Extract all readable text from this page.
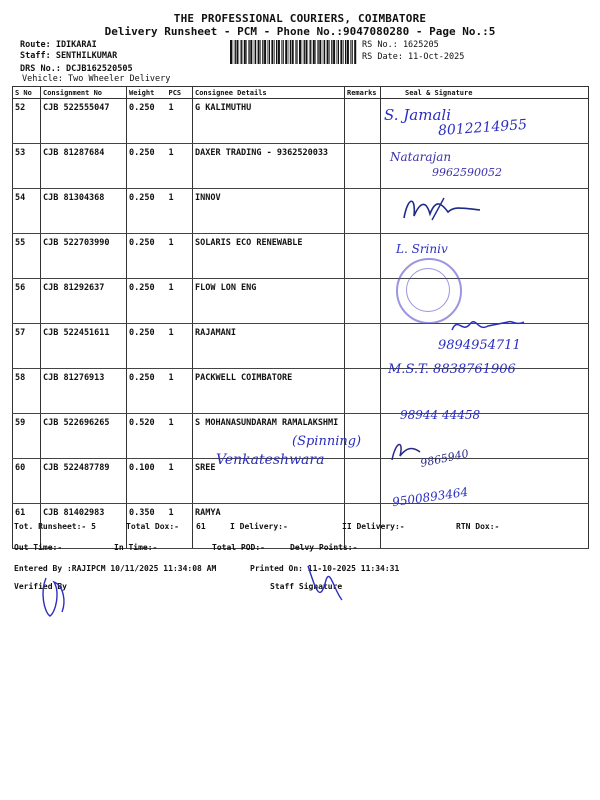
THE PROFESSIONAL COURIERS, COIMBATORE
Delivery Runsheet - PCM - Phone No.:9047080280 - Page No.:5
Route: IDIKARAI
Staff: SENTHILKUMAR
DRS No.: DCJB162520505
Vehicle: Two Wheeler Delivery
RS No.: 1625205
RS Date: 11-Oct-2025
S No	Consignment No	Weight	PCS	Consignee Details	Remarks	Seal & Signature
52	CJB 522555047	0.250	1	G KALIMUTHU		
53	CJB 81287684	0.250	1	DAXER TRADING - 9362520033		
54	CJB 81304368	0.250	1	INNOV		
55	CJB 522703990	0.250	1	SOLARIS ECO RENEWABLE		
56	CJB 81292637	0.250	1	FLOW LON ENG		
57	CJB 522451611	0.250	1	RAJAMANI		
58	CJB 81276913	0.250	1	PACKWELL COIMBATORE		
59	CJB 522696265	0.520	1	S MOHANASUNDARAM RAMALAKSHMI		
60	CJB 522487789	0.100	1	SREE		
61	CJB 81402983	0.350	1	RAMYA		
S. Jamali
8012214955
Natarajan
9962590052
L. Sriniv
9894954711
M.S.T. 8838761906
98944 44458
(Spinning)
Venkateshwara	9865940
9500893464
Tot. Runsheet:- 5	Total Dox:- 61	I Delivery:-	II Delivery:-	RTN Dox:-
Out Time:-	In Time:-	Total POD:-	Delvy Points:-
Entered By :RAJIPCM 10/11/2025 11:34:08 AM	Printed On: 11-10-2025 11:34:31
Verified By	Staff Signature
